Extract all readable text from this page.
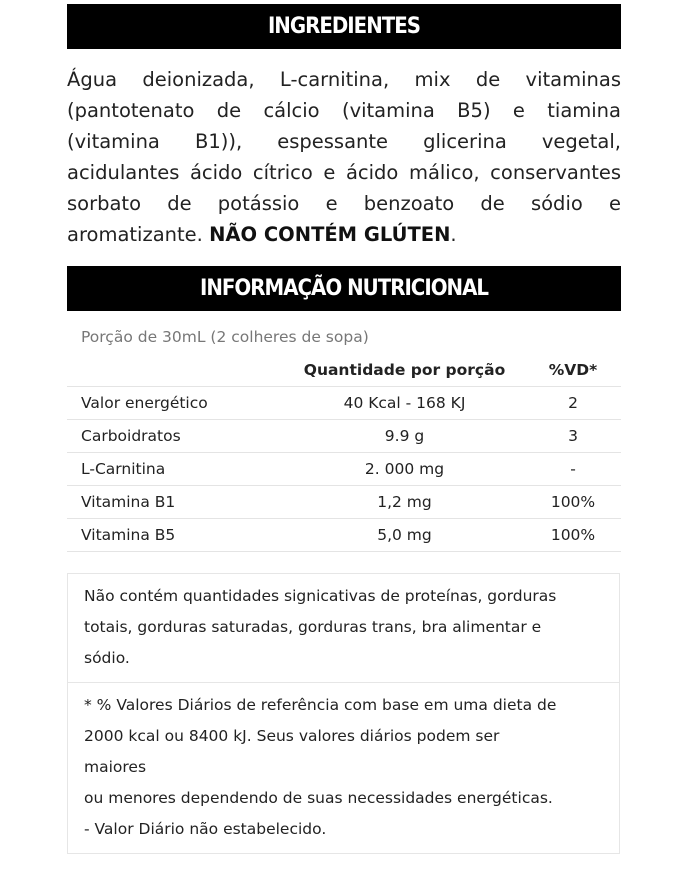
INGREDIENTES

Água deionizada, L-carnitina, mix de vitaminas (pantotenato de cálcio (vitamina B5) e tiamina (vitamina B1)), espessante glicerina vegetal, acidulantes ácido cítrico e ácido málico, conservantes sorbato de potássio e benzoato de sódio e aromatizante. NÃO CONTÉM GLÚTEN.

INFORMAÇÃO NUTRICIONAL
Porção de 30mL (2 colheres de sopa)
	Quantidade por porção	%VD*
Valor energético	40 Kcal - 168 KJ	2
Carboidratos	9.9 g	3
L-Carnitina	2. 000 mg	-
Vitamina B1	1,2 mg	100%
Vitamina B5	5,0 mg	100%
Não contém quantidades signicativas de proteínas, gorduras
totais, gorduras saturadas, gorduras trans, bra alimentar e
sódio.
* % Valores Diários de referência com base em uma dieta de
2000 kcal ou 8400 kJ. Seus valores diários podem ser
maiores
ou menores dependendo de suas necessidades energéticas.
- Valor Diário não estabelecido.
